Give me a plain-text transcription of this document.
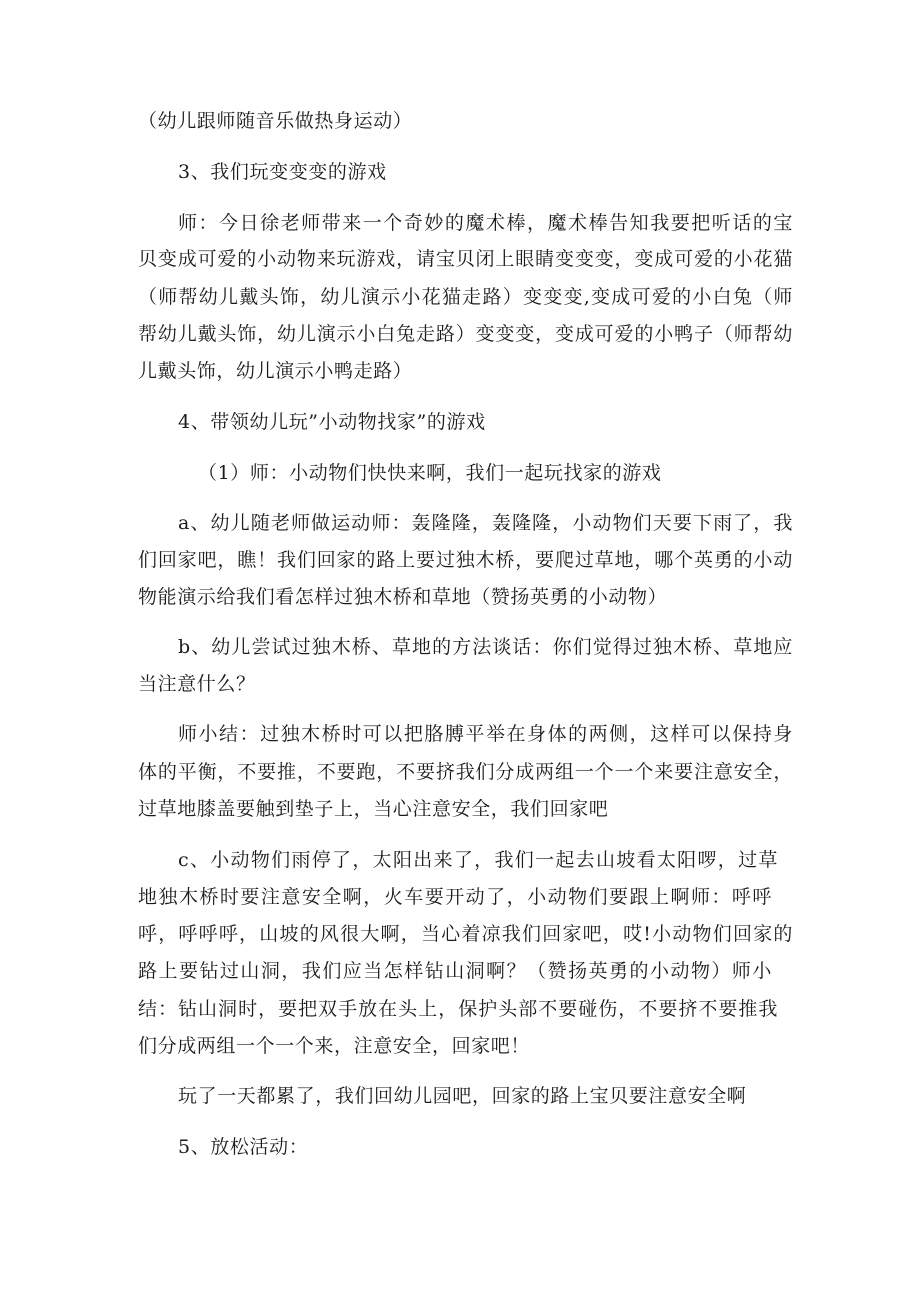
（幼儿跟师随音乐做热身运动）

3、我们玩变变变的游戏

师：今日徐老师带来一个奇妙的魔术棒，魔术棒告知我要把听话的宝

贝变成可爱的小动物来玩游戏，请宝贝闭上眼睛变变变，变成可爱的小花猫

（师帮幼儿戴头饰，幼儿演示小花猫走路）变变变,变成可爱的小白兔（师

帮幼儿戴头饰，幼儿演示小白兔走路）变变变，变成可爱的小鸭子（师帮幼

儿戴头饰，幼儿演示小鸭走路）

4、带领幼儿玩”小动物找家”的游戏

（1）师：小动物们快快来啊，我们一起玩找家的游戏

a、幼儿随老师做运动师：轰隆隆，轰隆隆，小动物们天要下雨了，我

们回家吧，瞧！我们回家的路上要过独木桥，要爬过草地，哪个英勇的小动

物能演示给我们看怎样过独木桥和草地（赞扬英勇的小动物）

b、幼儿尝试过独木桥、草地的方法谈话：你们觉得过独木桥、草地应

当注意什么？

师小结：过独木桥时可以把胳膊平举在身体的两侧，这样可以保持身

体的平衡，不要推，不要跑，不要挤我们分成两组一个一个来要注意安全，

过草地膝盖要触到垫子上，当心注意安全，我们回家吧

c、小动物们雨停了，太阳出来了，我们一起去山坡看太阳啰，过草

地独木桥时要注意安全啊，火车要开动了，小动物们要跟上啊师：呼呼

呼，呼呼呼，山坡的风很大啊，当心着凉我们回家吧，哎!小动物们回家的

路上要钻过山洞，我们应当怎样钻山洞啊？（赞扬英勇的小动物）师小

结：钻山洞时，要把双手放在头上，保护头部不要碰伤，不要挤不要推我

们分成两组一个一个来，注意安全，回家吧！

玩了一天都累了，我们回幼儿园吧，回家的路上宝贝要注意安全啊

5、放松活动：
